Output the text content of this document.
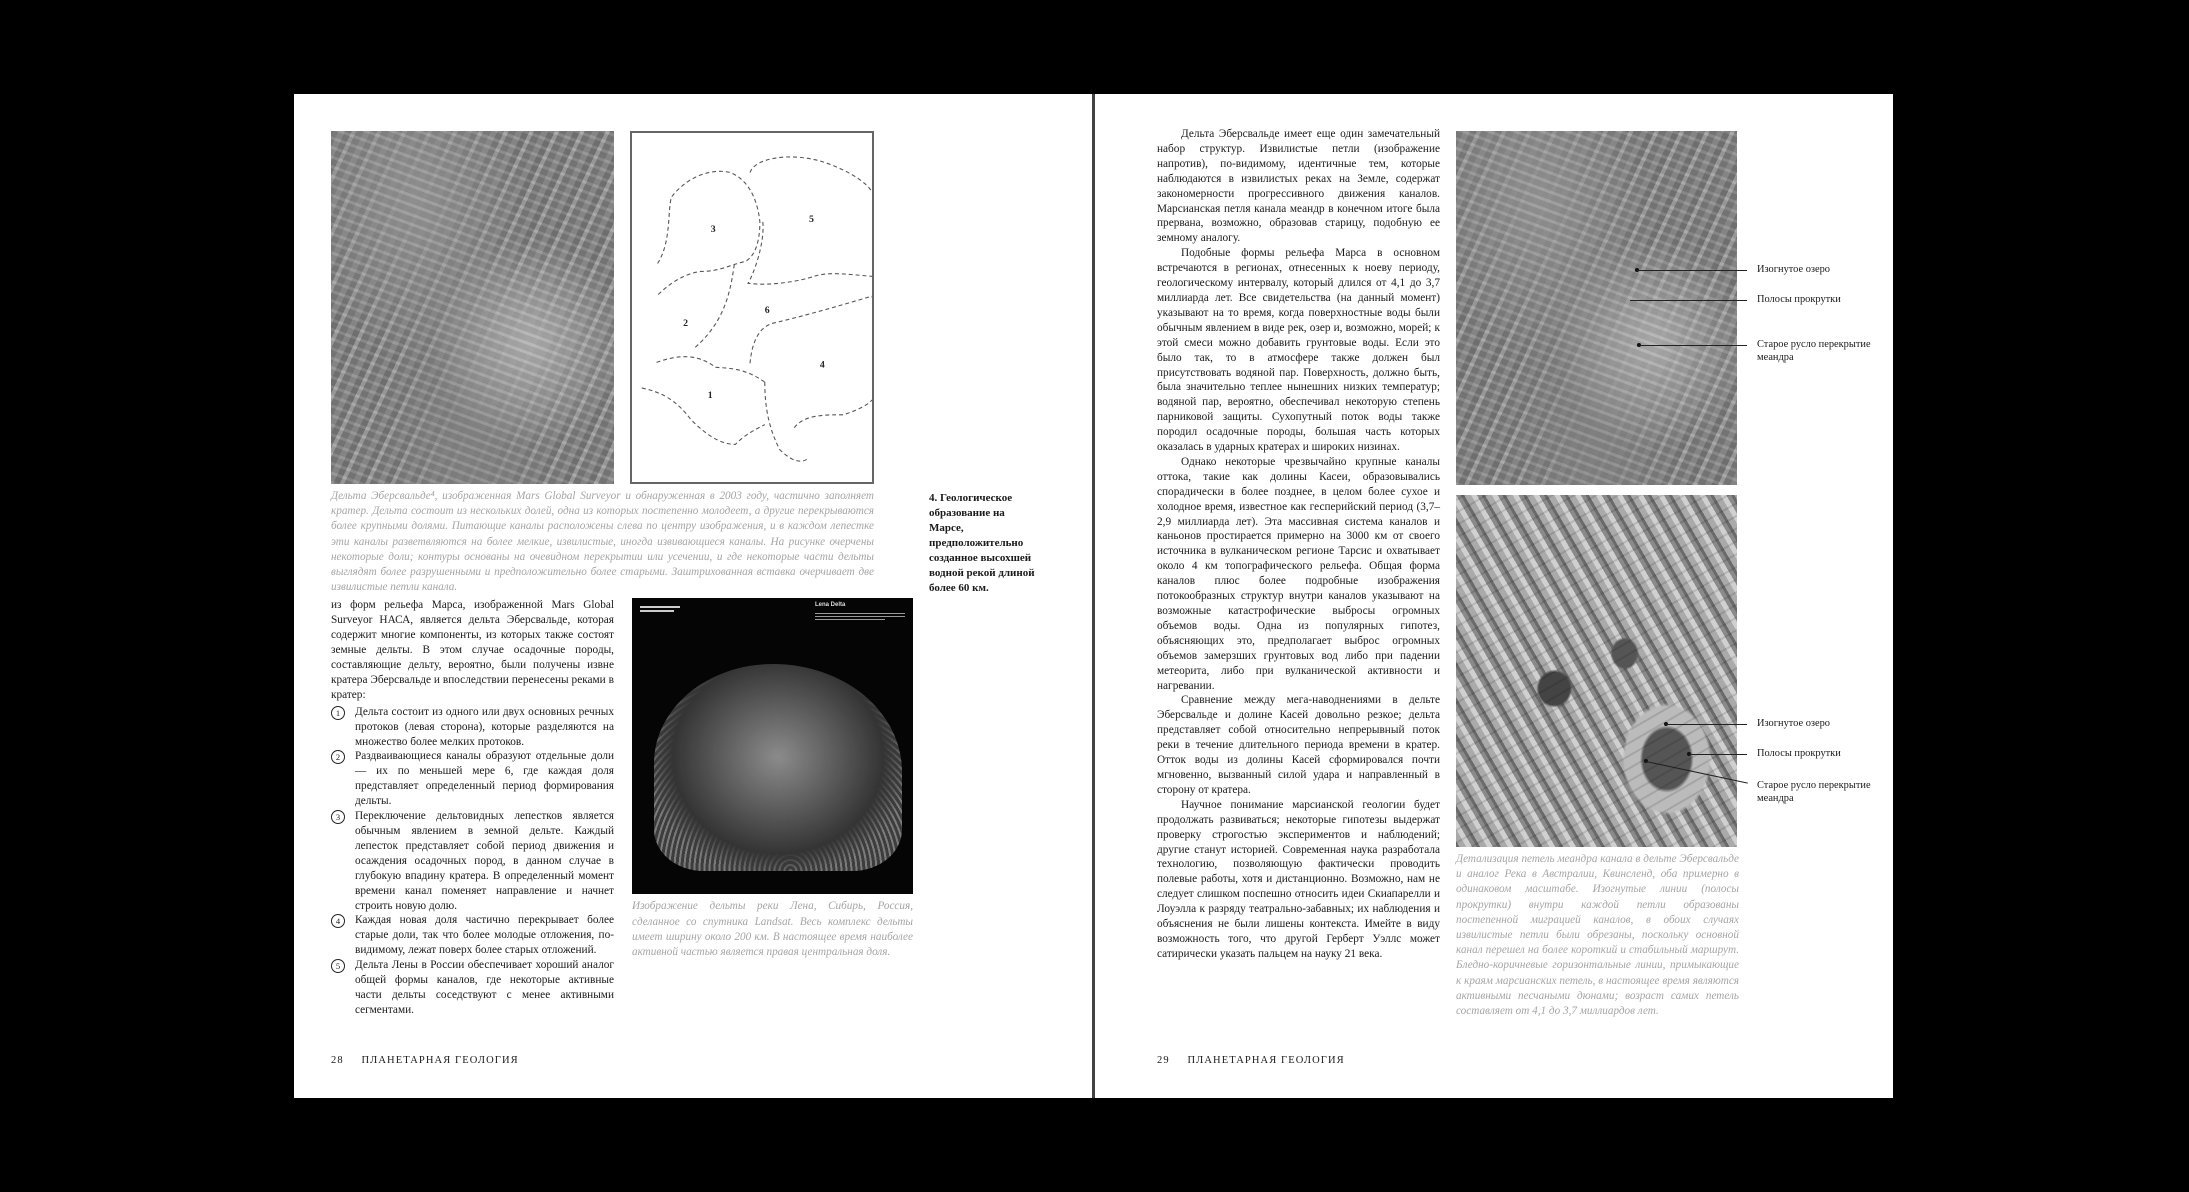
3
5
6
2
4
1
Дельта Эберсвальде⁴, изображенная Mars Global Surveyor и обнаруженная в 2003 году, частично заполняет кратер. Дельта состоит из нескольких долей, одна из которых постепенно молодеет, а другие перекрываются более крупными долями. Питающие каналы расположены слева по центру изображения, и в каждом лепестке эти каналы разветвляются на более мелкие, извилистые, иногда извивающиеся каналы. На рисунке очерчены некоторые доли; контуры основаны на очевидном перекрытии или усечении, и где некоторые части дельты выглядят более разрушенными и предположительно более старыми. Заштрихованная вставка очерчивает две извилистые петли канала.
4. Геологическое образование на Марсе, предположительно созданное высохшей водной рекой длиной более 60 км.

из форм рельефа Марса, изображенной Mars Global Surveyor НАСА, является дельта Эберсвальде, которая содержит многие компоненты, из которых также состоят земные дельты. В этом случае осадочные породы, составляющие дельту, вероятно, были получены извне кратера Эберсвальде и впоследствии перенесены реками в кратер:

1	Дельта состоит из одного или двух основных речных протоков (левая сторона), которые разделяются на множество более мелких протоков.
2	Раздваивающиеся каналы образуют отдельные доли — их по меньшей мере 6, где каждая доля представляет определенный период формирования дельты.
3	Переключение дельтовидных лепестков является обычным явлением в земной дельте. Каждый лепесток представляет собой период движения и осаждения осадочных пород, в данном случае в глубокую впадину кратера. В определенный момент времени канал поменяет направление и начнет строить новую долю.
4	Каждая новая доля частично перекрывает более старые доли, так что более молодые отложения, по-видимому, лежат поверх более старых отложений.
5	Дельта Лены в России обеспечивает хороший аналог общей формы каналов, где некоторые активные части дельты соседствуют с менее активными сегментами.
Lena Delta
Изображение дельты реки Лена, Сибирь, Россия, сделанное со спутника Landsat. Весь комплекс дельты имеет ширину около 200 км. В настоящее время наиболее активной частью является правая центральная доля.
28 ПЛАНЕТАРНАЯ ГЕОЛОГИЯ

Дельта Эберсвальде имеет еще один замечательный набор структур. Извилистые петли (изображение напротив), по-видимому, идентичные тем, которые наблюдаются в извилистых реках на Земле, содержат закономерности прогрессивного движения каналов. Марсианская петля канала меандр в конечном итоге была прервана, возможно, образовав старицу, подобную ее земному аналогу.

Подобные формы рельефа Марса в основном встречаются в регионах, отнесенных к ноеву периоду, геологическому интервалу, который длился от 4,1 до 3,7 миллиарда лет. Все свидетельства (на данный момент) указывают на то время, когда поверхностные воды были обычным явлением в виде рек, озер и, возможно, морей; к этой смеси можно добавить грунтовые воды. Если это было так, то в атмосфере также должен был присутствовать водяной пар. Поверхность, должно быть, была значительно теплее нынешних низких температур; водяной пар, вероятно, обеспечивал некоторую степень парниковой защиты. Сухопутный поток воды также породил осадочные породы, большая часть которых оказалась в ударных кратерах и широких низинах.

Однако некоторые чрезвычайно крупные каналы оттока, такие как долины Касеи, образовывались спорадически в более позднее, в целом более сухое и холодное время, известное как гесперийский период (3,7–2,9 миллиарда лет). Эта массивная система каналов и каньонов простирается примерно на 3000 км от своего источника в вулканическом регионе Тарсис и охватывает около 4 км топографического рельефа. Общая форма каналов плюс более подробные изображения потокообразных структур внутри каналов указывают на возможные катастрофические выбросы огромных объемов воды. Одна из популярных гипотез, объясняющих это, предполагает выброс огромных объемов замерзших грунтовых вод либо при падении метеорита, либо при вулканической активности и нагревании.

Сравнение между мега-наводнениями в дельте Эберсвальде и долине Касей довольно резкое; дельта представляет собой относительно непрерывный поток реки в течение длительного периода времени в кратер. Отток воды из долины Касей сформировался почти мгновенно, вызванный силой удара и направленный в сторону от кратера.

Научное понимание марсианской геологии будет продолжать развиваться; некоторые гипотезы выдержат проверку строгостью экспериментов и наблюдений; другие станут историей. Современная наука разработала технологию, позволяющую фактически проводить полевые работы, хотя и дистанционно. Возможно, нам не следует слишком поспешно относить идеи Скиапарелли и Лоуэлла к разряду театрально-забавных; их наблюдения и объяснения не были лишены контекста. Имейте в виду возможность того, что другой Герберт Уэллс может сатирически указать пальцем на науку 21 века.

Детализация петель меандра канала в дельте Эберсвальде и аналог Река в Австралии, Квинсленд, оба примерно в одинаковом масштабе. Изогнутые линии (полосы прокрутки) внутри каждой петли образованы постепенной миграцией каналов, в обоих случаях извилистые петли были обрезаны, поскольку основной канал перешел на более короткий и стабильный маршрут. Бледно-коричневые горизонтальные линии, примыкающие к краям марсианских петель, в настоящее время являются активными песчаными дюнами; возраст самих петель составляет от 4,1 до 3,7 миллиардов лет.
Изогнутое озеро
Полосы прокрутки
Старое русло перекрытие меандра
Изогнутое озеро
Полосы прокрутки
Старое русло перекрытие меандра
29 ПЛАНЕТАРНАЯ ГЕОЛОГИЯ
